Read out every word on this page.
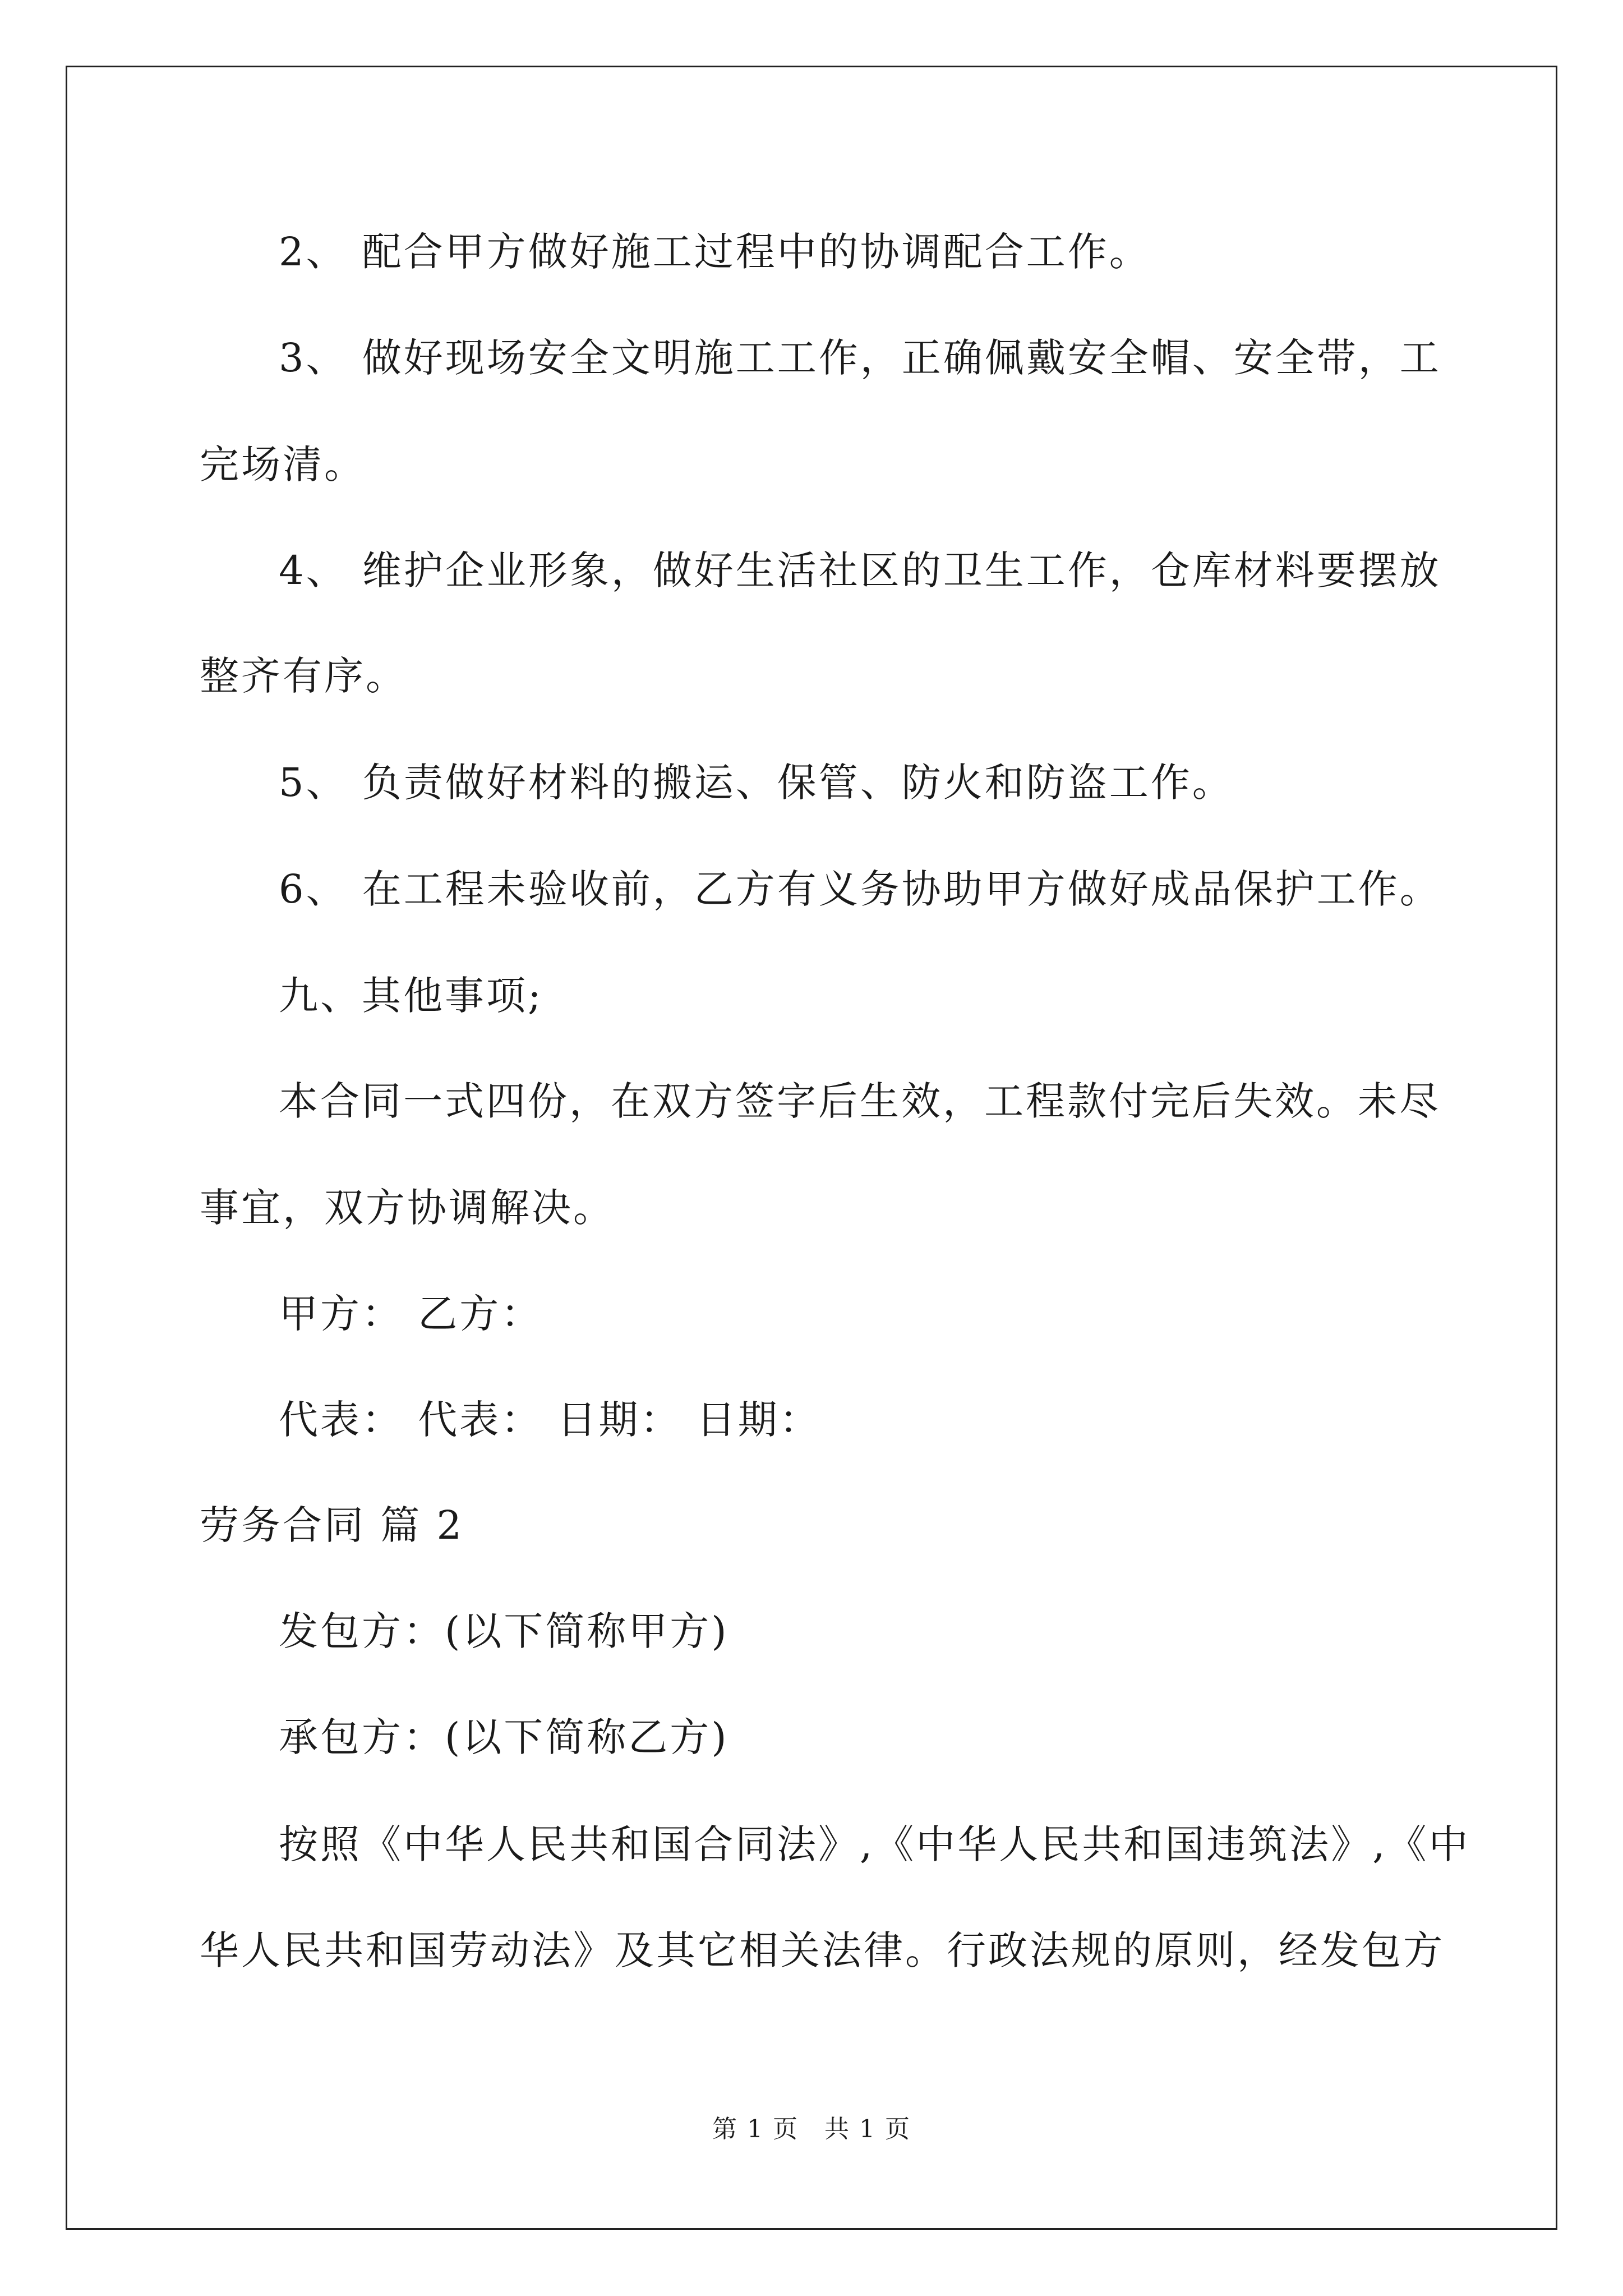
2、 配合甲方做好施工过程中的协调配合工作。
3、 做好现场安全文明施工工作，正确佩戴安全帽、安全带，工
完场清。
4、 维护企业形象，做好生活社区的卫生工作，仓库材料要摆放
整齐有序。
5、 负责做好材料的搬运、保管、防火和防盗工作。
6、 在工程未验收前，乙方有义务协助甲方做好成品保护工作。
九、其他事项;
本合同一式四份，在双方签字后生效，工程款付完后失效。未尽
事宜，双方协调解决。
甲方： 乙方：
代表： 代表： 日期： 日期：
劳务合同 篇 2
发包方：(以下简称甲方)
承包方：(以下简称乙方)
按照《中华人民共和国合同法》,《中华人民共和国违筑法》,《中
华人民共和国劳动法》及其它相关法律。行政法规的原则，经发包方
第 1 页　共 1 页
